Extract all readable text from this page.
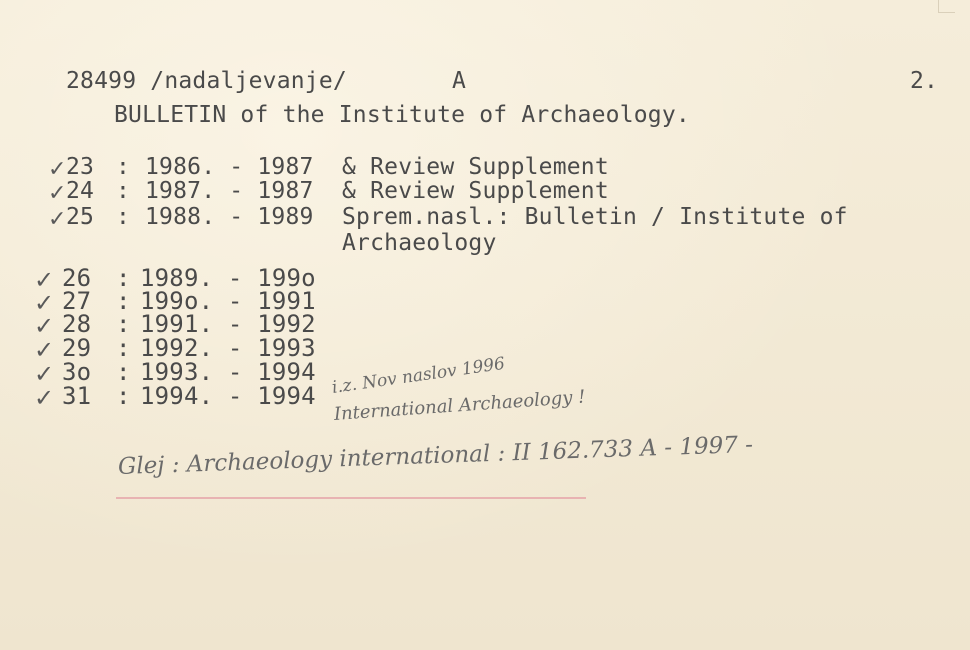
28499 /nadaljevanje/	A	2.
BULLETIN of the Institute of Archaeology.
✓ 23 : 1986. - 1987 & Review Supplement
✓ 24 : 1987. - 1987 & Review Supplement
✓ 25 : 1988. - 1989 Sprem.nasl.: Bulletin / Institute of
Archaeology
✓ 26 : 1989. - 199o
✓ 27 : 199o. - 1991
✓ 28 : 1991. - 1992
✓ 29 : 1992. - 1993
✓ 3o : 1993. - 1994
✓ 31 : 1994. - 1994 i.z. Nov naslov 1996
International Archaeology !
Glej : Archaeology international : II 162.733 A - 1997 -
